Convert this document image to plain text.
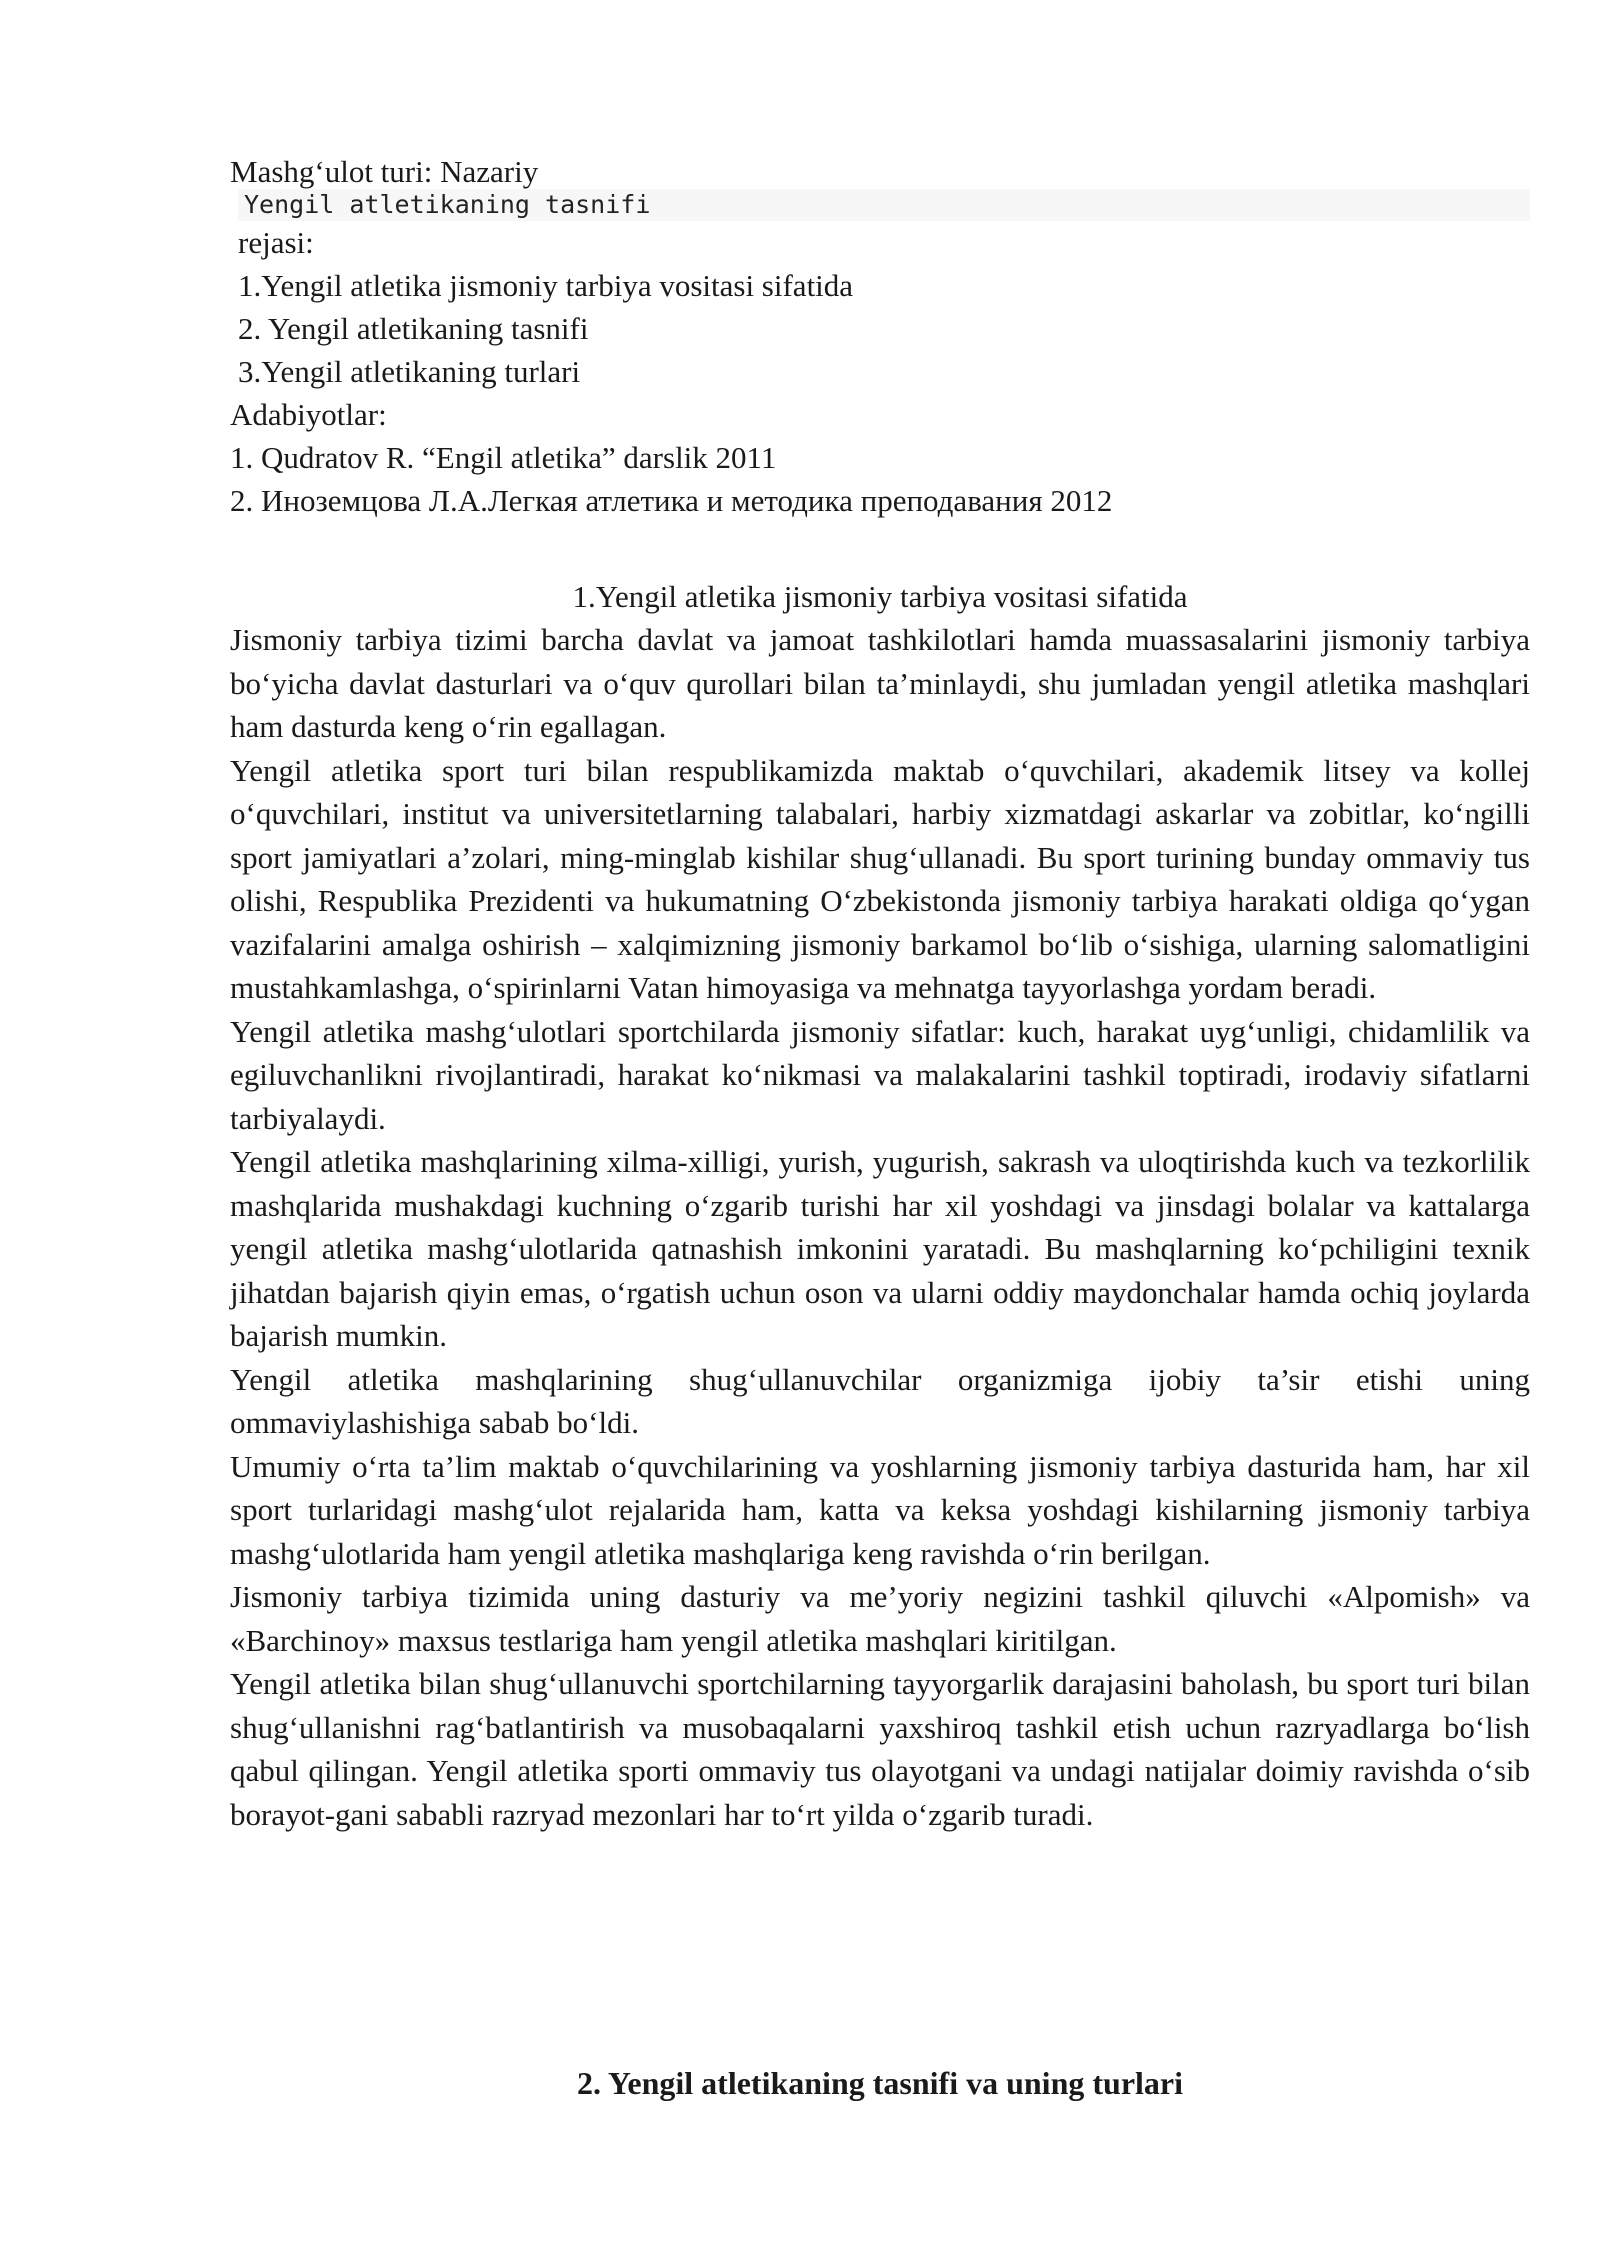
Mashg‘ulot turi: Nazariy
Yengil atletikaning tasnifi
rejasi:
1.Yengil atletika jismoniy tarbiya vositasi sifatida
2. Yengil atletikaning tasnifi
3.Yengil atletikaning turlari
Adabiyotlar:
1. Qudratov R. “Engil atletika” darslik 2011
2. Иноземцова Л.А.Легкая атлетика и методика преподавания 2012
1.Yengil atletika jismoniy tarbiya vositasi sifatida

Jismoniy tarbiya tizimi barcha davlat va jamoat tashkilotlari hamda muassasalarini jismoniy tarbiya bo‘yicha davlat dasturlari va o‘quv qurollari bilan ta’minlaydi, shu jumladan yengil atletika mashqlari ham dasturda keng o‘rin egallagan.

Yengil atletika sport turi bilan respublikamizda maktab o‘quvchilari, akademik litsey va kollej o‘quvchilari, institut va universitetlarning talabalari, harbiy xizmatdagi askarlar va zobitlar, ko‘ngilli sport jamiyatlari a’zolari, ming-minglab kishilar shug‘ullanadi. Bu sport turining bunday ommaviy tus olishi, Respublika Prezidenti va hukumatning O‘zbekistonda jismoniy tarbiya harakati oldiga qo‘ygan vazifalarini amalga oshirish – xalqimizning jismoniy barkamol bo‘lib o‘sishiga, ularning salomatligini mustahkamlashga, o‘spirinlarni Vatan himoyasiga va mehnatga tayyorlashga yordam beradi.

Yengil atletika mashg‘ulotlari sportchilarda jismoniy sifatlar: kuch, harakat uyg‘unligi, chidamlilik va egiluvchanlikni rivojlantiradi, harakat ko‘nikmasi va malakalarini tashkil toptiradi, irodaviy sifatlarni tarbiyalaydi.

Yengil atletika mashqlarining xilma-xilligi, yurish, yugurish, sakrash va uloqtirishda kuch va tezkorlilik mashqlarida mushakdagi kuchning o‘zgarib turishi har xil yoshdagi va jinsdagi bolalar va kattalarga yengil atletika mashg‘ulotlarida qatnashish imkonini yaratadi. Bu mashqlarning ko‘pchiligini texnik jihatdan bajarish qiyin emas, o‘rgatish uchun oson va ularni oddiy maydonchalar hamda ochiq joylarda bajarish mumkin.

Yengil atletika mashqlarining shug‘ullanuvchilar organizmiga ijobiy ta’sir etishi uning ommaviylashishiga sabab bo‘ldi.

Umumiy o‘rta ta’lim maktab o‘quvchilarining va yoshlarning jismoniy tarbiya dasturida ham, har xil sport turlaridagi mashg‘ulot rejalarida ham, katta va keksa yoshdagi kishilarning jismoniy tarbiya mashg‘ulotlarida ham yengil atletika mashqlariga keng ravishda o‘rin berilgan.

Jismoniy tarbiya tizimida uning dasturiy va me’yoriy negizini tashkil qiluvchi «Alpomish» va «Barchinoy» maxsus testlariga ham yengil atletika mashqlari kiritilgan.

Yengil atletika bilan shug‘ullanuvchi sportchilarning tayyorgarlik darajasini baholash, bu sport turi bilan shug‘ullanishni rag‘batlantirish va musobaqalarni yaxshiroq tashkil etish uchun razryadlarga bo‘lish qabul qilingan. Yengil atletika sporti ommaviy tus olayotgani va undagi natijalar doimiy ravishda o‘sib borayot-gani sababli razryad mezonlari har to‘rt yilda o‘zgarib turadi.

2. Yengil atletikaning tasnifi va uning turlari
